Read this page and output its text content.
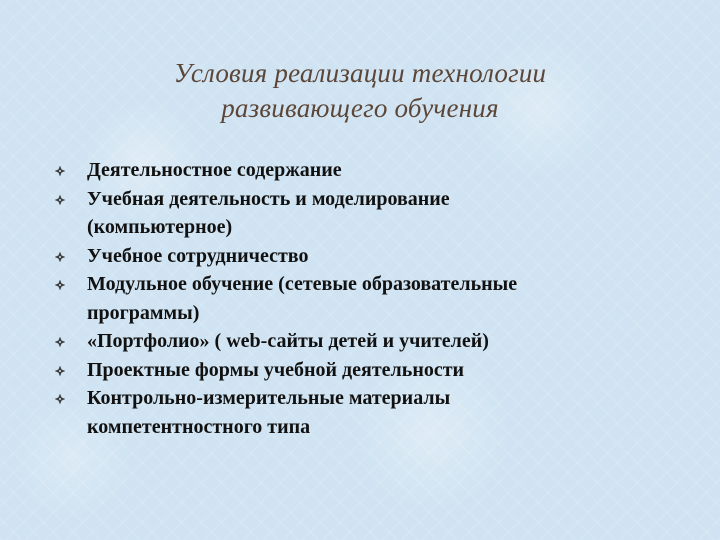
Условия реализации технологии
развивающего обучения
Деятельностное содержание
Учебная деятельность и моделирование
(компьютерное)
Учебное сотрудничество
Модульное обучение (сетевые образовательные
программы)
«Портфолио» ( web-сайты детей и учителей)
Проектные формы учебной деятельности
Контрольно-измерительные материалы
компетентностного типа
